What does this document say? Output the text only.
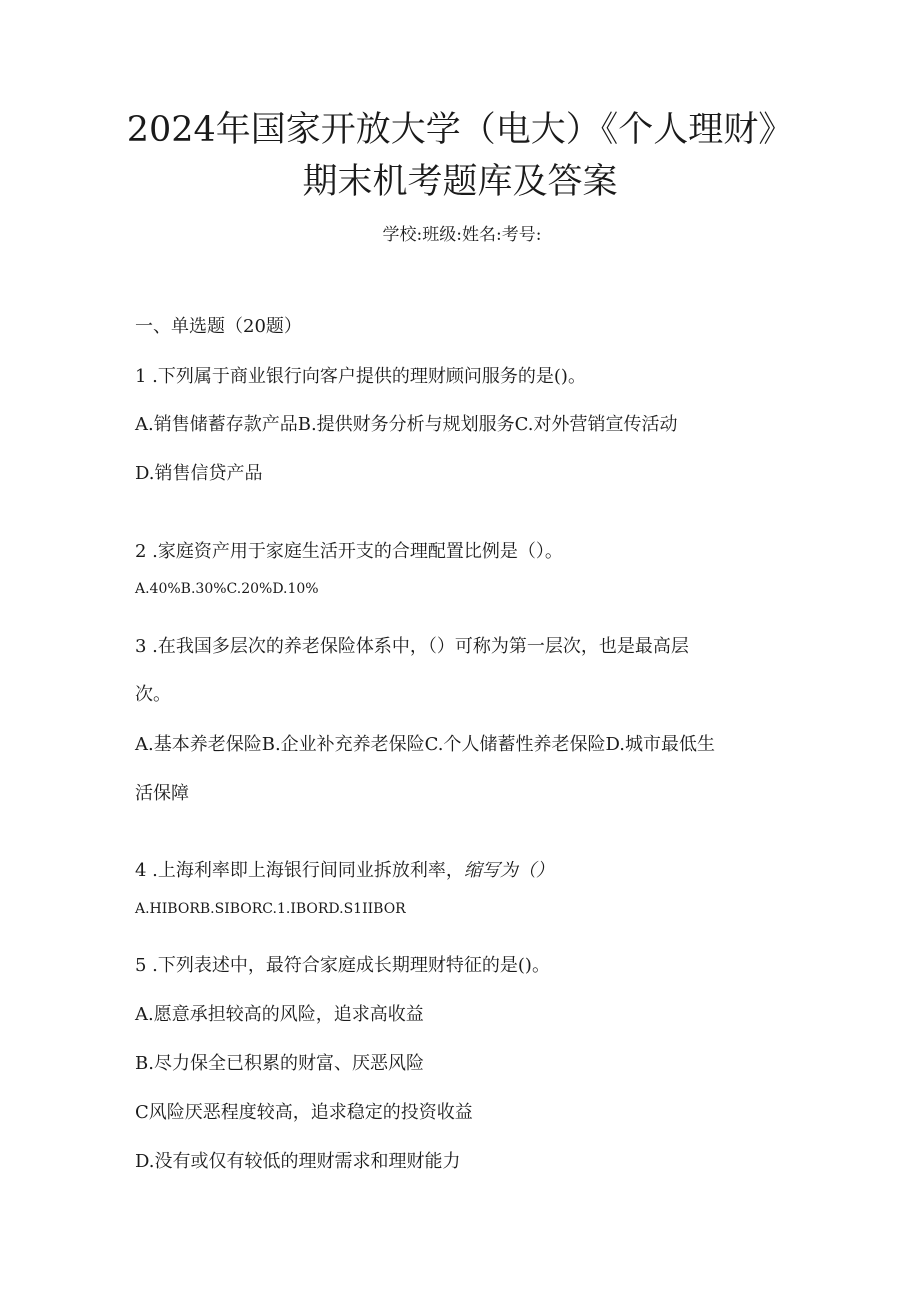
2024年国家开放大学（电大）《个人理财》
期末机考题库及答案
学校:班级:姓名:考号:
一、单选题（20题）
1 .下列属于商业银行向客户提供的理财顾问服务的是()。
A.销售储蓄存款产品B.提供财务分析与规划服务C.对外营销宣传活动
D.销售信贷产品
2 .家庭资产用于家庭生活开支的合理配置比例是（）。
A.40%B.30%C.20%D.10%
3 .在我国多层次的养老保险体系中，（）可称为第一层次，也是最高层
次。
A.基本养老保险B.企业补充养老保险C.个人储蓄性养老保险D.城市最低生
活保障
4 .上海利率即上海银行间同业拆放利率，缩写为（）
A.HIBORB.SIBORC.1.IBORD.S1IIBOR
5 .下列表述中，最符合家庭成长期理财特征的是()。
A.愿意承担较高的风险，追求高收益
B.尽力保全已积累的财富、厌恶风险
C风险厌恶程度较高，追求稳定的投资收益
D.没有或仅有较低的理财需求和理财能力
